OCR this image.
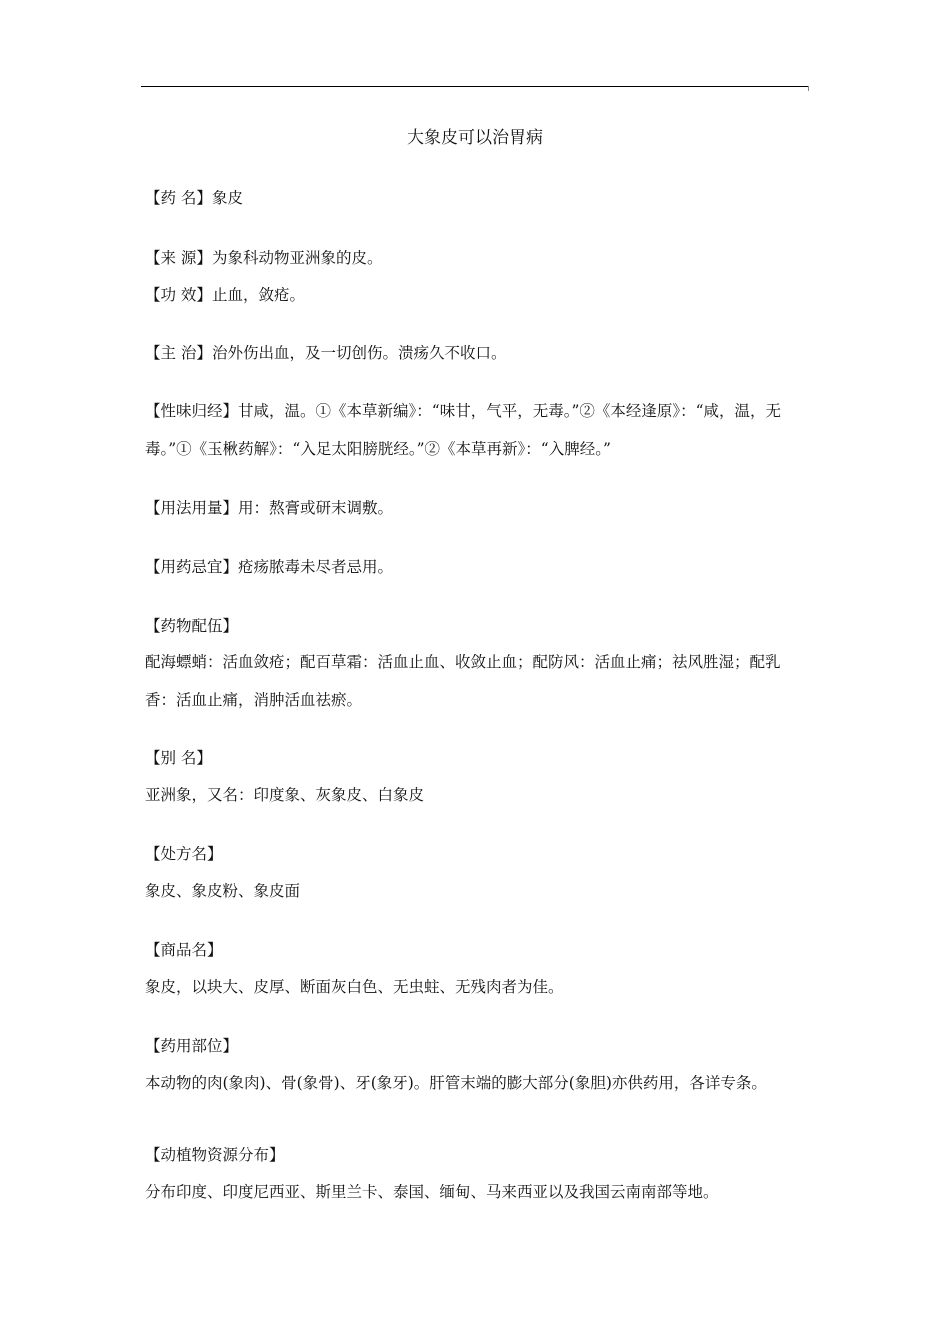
大象皮可以治胃病
【药 名】象皮
【来 源】为象科动物亚洲象的皮。
【功 效】止血，敛疮。
【主 治】治外伤出血，及一切创伤。溃疡久不收口。
【性味归经】甘咸，温。①《本草新编》：“味甘，气平，无毒。”②《本经逢原》：“咸，温，无毒。”①《玉楸药解》：“入足太阳膀胱经。”②《本草再新》：“入脾经。”
【用法用量】用：熬膏或研末调敷。
【用药忌宜】疮疡脓毒未尽者忌用。
【药物配伍】
配海螵蛸：活血敛疮；配百草霜：活血止血、收敛止血；配防风：活血止痛；祛风胜湿；配乳香：活血止痛，消肿活血祛瘀。
【别 名】
亚洲象，又名：印度象、灰象皮、白象皮
【处方名】
象皮、象皮粉、象皮面
【商品名】
象皮，以块大、皮厚、断面灰白色、无虫蛀、无残肉者为佳。
【药用部位】
本动物的肉(象肉)、骨(象骨)、牙(象牙)。肝管末端的膨大部分(象胆)亦供药用，各详专条。
【动植物资源分布】
分布印度、印度尼西亚、斯里兰卡、泰国、缅甸、马来西亚以及我国云南南部等地。
